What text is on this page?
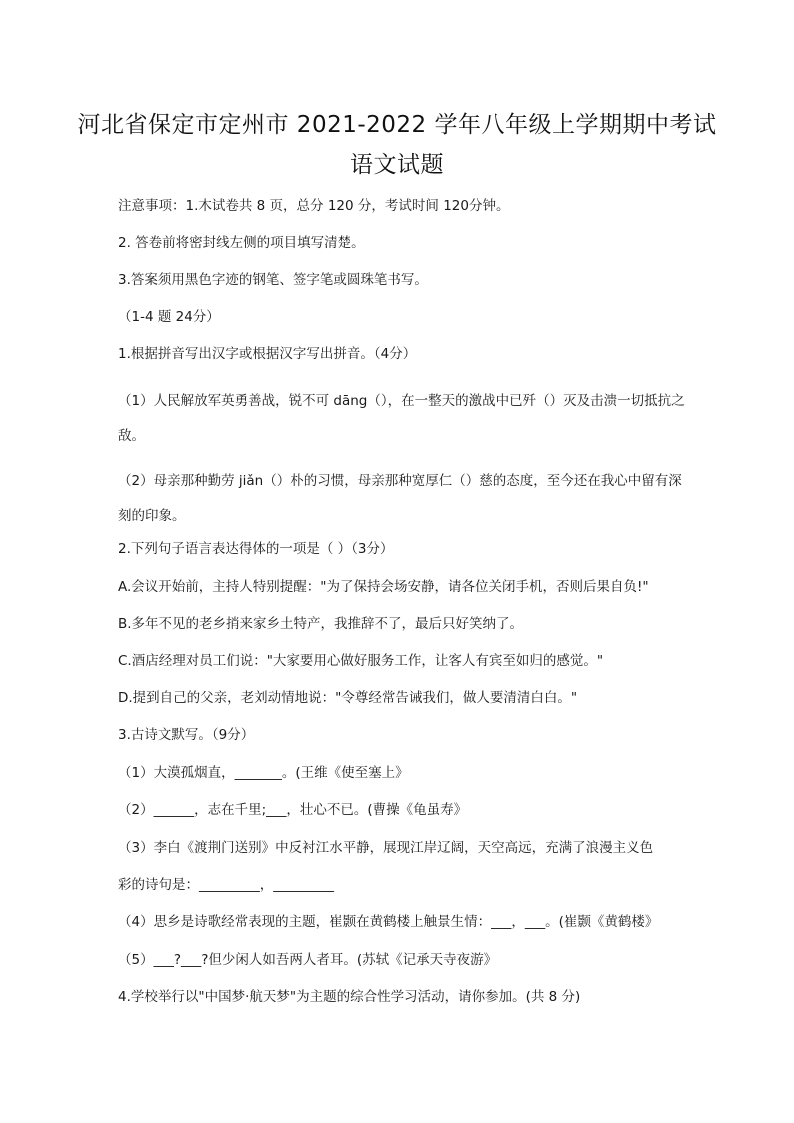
河北省保定市定州市 2021-2022 学年八年级上学期期中考试
语文试题
注意事项：1.木试卷共 8 页，总分 120 分，考试时间 120分钟。
2. 答卷前将密封线左侧的项目填写清楚。
3.答案须用黑色字迹的钢笔、签字笔或圆珠笔书写。
（1-4 题 24分）
1.根据拼音写出汉字或根据汉字写出拼音。（4分）
（1）人民解放军英勇善战，锐不可 dāng（），在一整天的激战中已歼（）灭及击溃一切抵抗之敌。
（2）母亲那种勤劳 jiǎn（）朴的习惯，母亲那种宽厚仁（）慈的态度，至今还在我心中留有深刻的印象。
2.下列句子语言表达得体的一项是（ ）（3分）
A.会议开始前，主持人特别提醒："为了保持会场安静，请各位关闭手机，否则后果自负!"
B.多年不见的老乡捎来家乡土特产，我推辞不了，最后只好笑纳了。
C.酒店经理对员工们说："大家要用心做好服务工作，让客人有宾至如归的感觉。"
D.提到自己的父亲，老刘动情地说："令尊经常告诫我们，做人要清清白白。"
3.古诗文默写。（9分）
（1）大漠孤烟直，_______。(王维《使至塞上》
（2）______，志在千里;___，壮心不已。(曹操《龟虽寿》
（3）李白《渡荆门送别》中反衬江水平静，展现江岸辽阔，天空高远，充满了浪漫主义色
彩的诗句是：_________，_________
（4）思乡是诗歌经常表现的主题，崔颢在黄鹤楼上触景生情：___，___。(崔颢《黄鹤楼》
（5）___?___?但少闲人如吾两人者耳。(苏轼《记承天寺夜游》
4.学校举行以"中国梦·航天梦"为主题的综合性学习活动，请你参加。(共 8 分)
